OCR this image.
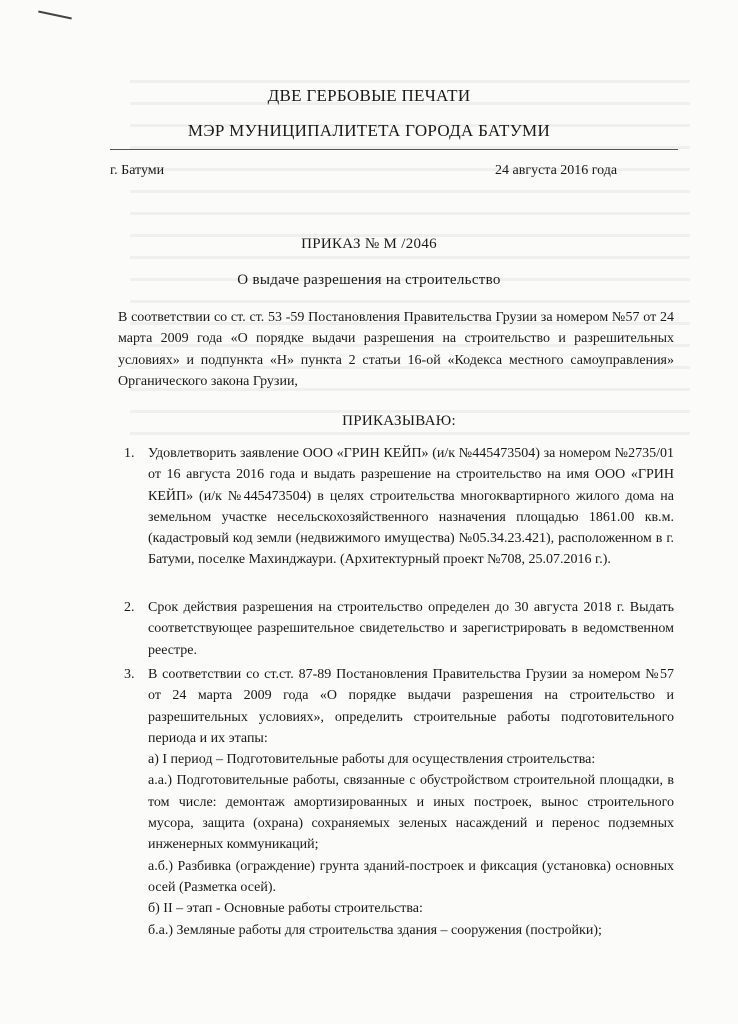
ДВЕ ГЕРБОВЫЕ ПЕЧАТИ
МЭР МУНИЦИПАЛИТЕТА ГОРОДА БАТУМИ
г. Батуми	24 августа 2016 года
ПРИКАЗ № М /2046
О выдаче разрешения на строительство
В соответствии со ст. ст. 53 -59 Постановления Правительства Грузии за номером №57 от 24 марта 2009 года «О порядке выдачи разрешения на строительство и разрешительных условиях» и подпункта «Н» пункта 2 статьи 16-ой «Кодекса местного самоуправления» Органического закона Грузии,
ПРИКАЗЫВАЮ:
1. Удовлетворить заявление ООО «ГРИН КЕЙП» (и/к №445473504) за номером №2735/01 от 16 августа 2016 года и выдать разрешение на строительство на имя ООО «ГРИН КЕЙП» (и/к №445473504) в целях строительства многоквартирного жилого дома на земельном участке несельскохозяйственного назначения площадью 1861.00 кв.м. (кадастровый код земли (недвижимого имущества) №05.34.23.421), расположенном в г. Батуми, поселке Махинджаури. (Архитектурный проект №708, 25.07.2016 г.).
2. Срок действия разрешения на строительство определен до 30 августа 2018 г. Выдать соответствующее разрешительное свидетельство и зарегистрировать в ведомственном реестре.
3. В соответствии со ст.ст. 87-89 Постановления Правительства Грузии за номером №57 от 24 марта 2009 года «О порядке выдачи разрешения на строительство и разрешительных условиях», определить строительные работы подготовительного периода и их этапы:
а) I период – Подготовительные работы для осуществления строительства:
а.а.) Подготовительные работы, связанные с обустройством строительной площадки, в том числе: демонтаж амортизированных и иных построек, вынос строительного мусора, защита (охрана) сохраняемых зеленых насаждений и перенос подземных инженерных коммуникаций;
а.б.) Разбивка (ограждение) грунта зданий-построек и фиксация (установка) основных осей (Разметка осей).
б) II – этап - Основные работы строительства:
б.а.) Земляные работы для строительства здания – сооружения (постройки);
